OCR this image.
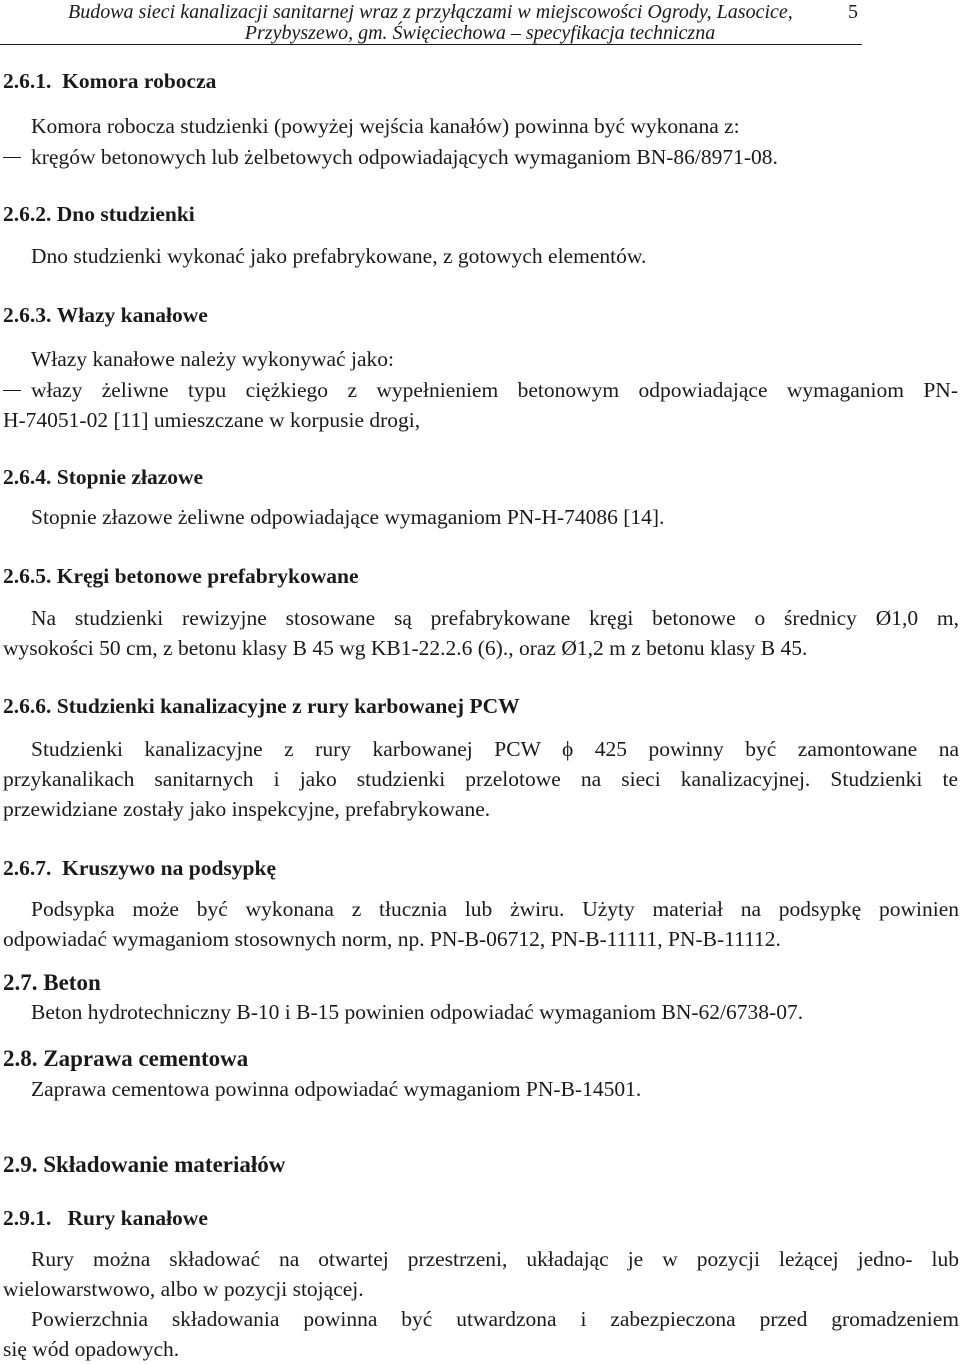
Budowa sieci kanalizacji sanitarnej wraz z przyłączami w miejscowości Ogrody, Lasocice,
Przybyszewo, gm. Święciechowa – specyfikacja techniczna
5
2.6.1. Komora robocza
Komora robocza studzienki (powyżej wejścia kanałów) powinna być wykonana z:
kręgów betonowych lub żelbetowych odpowiadających wymaganiom BN-86/8971-08.
2.6.2. Dno studzienki
Dno studzienki wykonać jako prefabrykowane, z gotowych elementów.
2.6.3. Włazy kanałowe
Włazy kanałowe należy wykonywać jako:
włazy żeliwne typu ciężkiego z wypełnieniem betonowym odpowiadające wymaganiom PN-
H-74051-02 [11] umieszczane w korpusie drogi,
2.6.4. Stopnie złazowe
Stopnie złazowe żeliwne odpowiadające wymaganiom PN-H-74086 [14].
2.6.5. Kręgi betonowe prefabrykowane
Na studzienki rewizyjne stosowane są prefabrykowane kręgi betonowe o średnicy Ø1,0 m,
wysokości 50 cm, z betonu klasy B 45 wg KB1-22.2.6 (6)., oraz Ø1,2 m z betonu klasy B 45.
2.6.6. Studzienki kanalizacyjne z rury karbowanej PCW
Studzienki kanalizacyjne z rury karbowanej PCW ϕ 425 powinny być zamontowane na
przykanalikach sanitarnych i jako studzienki przelotowe na sieci kanalizacyjnej. Studzienki te
przewidziane zostały jako inspekcyjne, prefabrykowane.
2.6.7. Kruszywo na podsypkę
Podsypka może być wykonana z tłucznia lub żwiru. Użyty materiał na podsypkę powinien
odpowiadać wymaganiom stosownych norm, np. PN-B-06712, PN-B-11111, PN-B-11112.
2.7. Beton
Beton hydrotechniczny B-10 i B-15 powinien odpowiadać wymaganiom BN-62/6738-07.
2.8. Zaprawa cementowa
Zaprawa cementowa powinna odpowiadać wymaganiom PN-B-14501.
2.9. Składowanie materiałów
2.9.1. Rury kanałowe
Rury można składować na otwartej przestrzeni, układając je w pozycji leżącej jedno- lub
wielowarstwowo, albo w pozycji stojącej.
Powierzchnia składowania powinna być utwardzona i zabezpieczona przed gromadzeniem
się wód opadowych.
